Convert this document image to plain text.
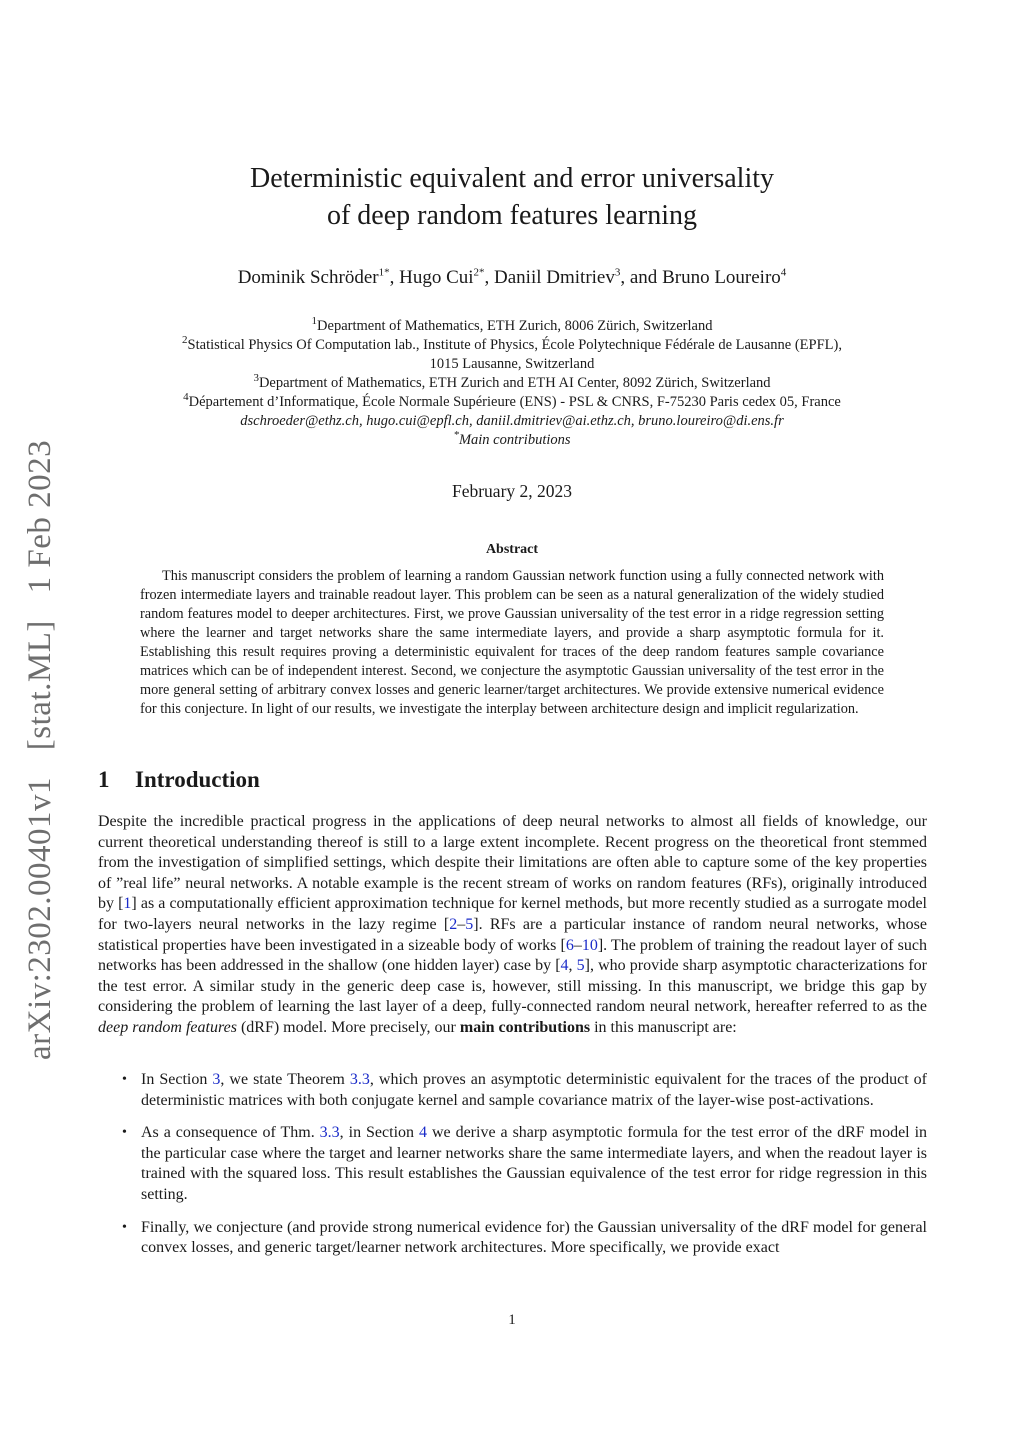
arXiv:2302.00401v1 [stat.ML] 1 Feb 2023
Deterministic equivalent and error universality
of deep random features learning
Dominik Schröder$^{1*}$, Hugo Cui$^{2*}$, Daniil Dmitriev$^3$, and Bruno Loureiro$^4$
$^1$Department of Mathematics, ETH Zurich, 8006 Zürich, Switzerland
$^2$Statistical Physics Of Computation lab., Institute of Physics, École Polytechnique Fédérale de Lausanne (EPFL),
1015 Lausanne, Switzerland
$^3$Department of Mathematics, ETH Zurich and ETH AI Center, 8092 Zürich, Switzerland
$^4$Département d’Informatique, École Normale Supérieure (ENS) - PSL & CNRS, F-75230 Paris cedex 05, France
dschroeder@ethz.ch, hugo.cui@epfl.ch, daniil.dmitriev@ai.ethz.ch, bruno.loureiro@di.ens.fr
*Main contributions
February 2, 2023
Abstract
This manuscript considers the problem of learning a random Gaussian network function using a fully connected network with frozen intermediate layers and trainable readout layer. This problem can be seen as a natural generalization of the widely studied random features model to deeper architectures. First, we prove Gaussian universality of the test error in a ridge regression setting where the learner and target networks share the same intermediate layers, and provide a sharp asymptotic formula for it. Establishing this result requires proving a deterministic equivalent for traces of the deep random features sample covariance matrices which can be of independent interest. Second, we conjecture the asymptotic Gaussian universality of the test error in the more general setting of arbitrary convex losses and generic learner/target architectures. We provide extensive numerical evidence for this conjecture. In light of our results, we investigate the interplay between architecture design and implicit regularization.
1 Introduction
Despite the incredible practical progress in the applications of deep neural networks to almost all fields of knowledge, our current theoretical understanding thereof is still to a large extent incomplete. Recent progress on the theoretical front stemmed from the investigation of simplified settings, which despite their limitations are often able to capture some of the key properties of ”real life” neural networks. A notable example is the recent stream of works on random features (RFs), originally introduced by [1] as a computationally efficient approximation technique for kernel methods, but more recently studied as a surrogate model for two-layers neural networks in the lazy regime [2–5]. RFs are a particular instance of random neural networks, whose statistical properties have been investigated in a sizeable body of works [6–10]. The problem of training the readout layer of such networks has been addressed in the shallow (one hidden layer) case by [4, 5], who provide sharp asymptotic characterizations for the test error. A similar study in the generic deep case is, however, still missing. In this manuscript, we bridge this gap by considering the problem of learning the last layer of a deep, fully-connected random neural network, hereafter referred to as the deep random features (dRF) model. More precisely, our main contributions in this manuscript are:
• In Section 3, we state Theorem 3.3, which proves an asymptotic deterministic equivalent for the traces of the product of deterministic matrices with both conjugate kernel and sample covariance matrix of the layer-wise post-activations.
• As a consequence of Thm. 3.3, in Section 4 we derive a sharp asymptotic formula for the test error of the dRF model in the particular case where the target and learner networks share the same intermediate layers, and when the readout layer is trained with the squared loss. This result establishes the Gaussian equivalence of the test error for ridge regression in this setting.
• Finally, we conjecture (and provide strong numerical evidence for) the Gaussian universality of the dRF model for general convex losses, and generic target/learner network architectures. More specifically, we provide exact
1
